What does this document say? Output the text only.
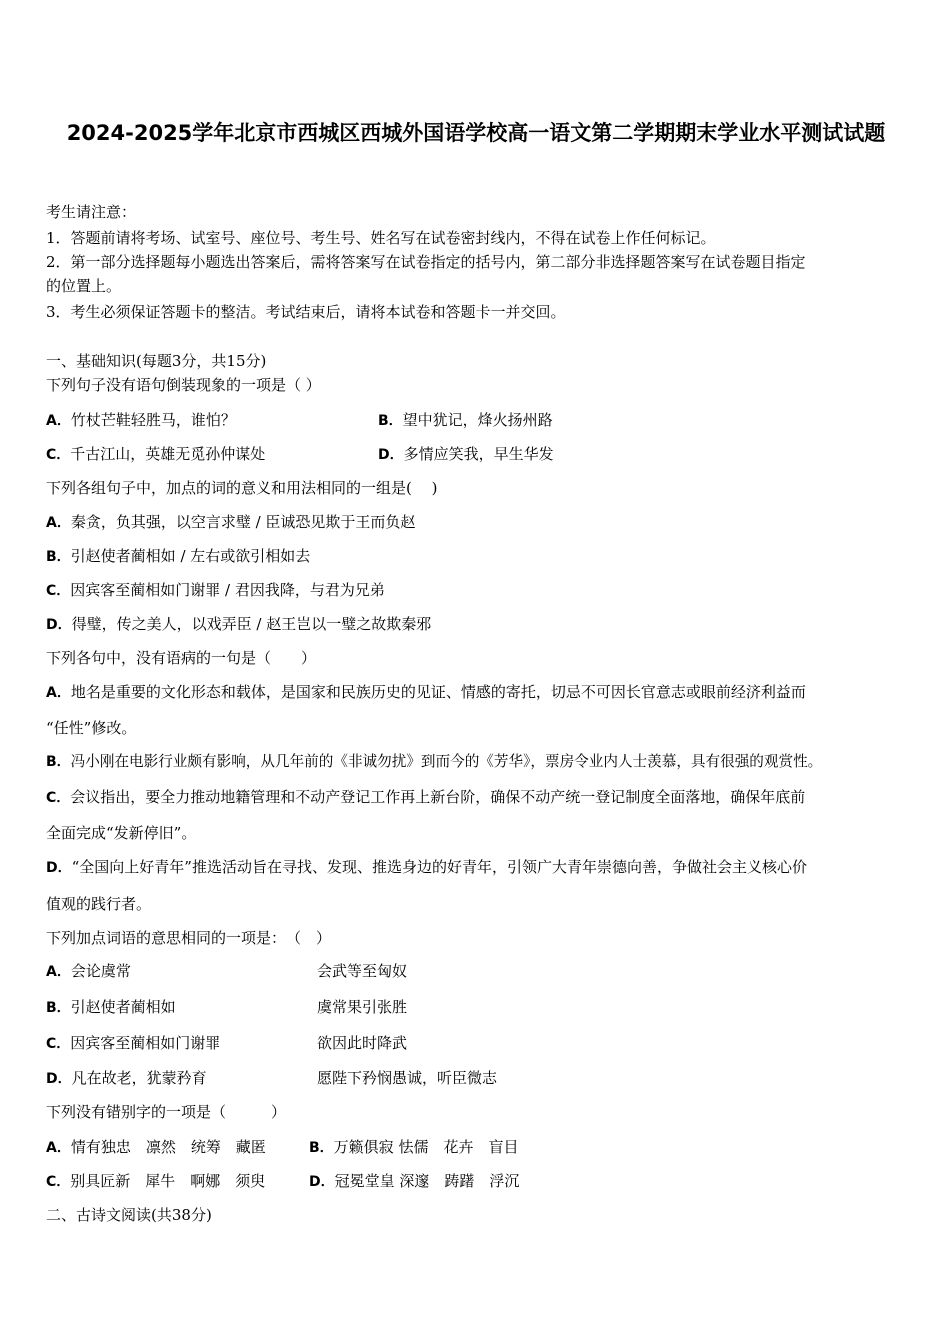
2024-2025学年北京市西城区西城外国语学校高一语文第二学期期末学业水平测试试题
考生请注意：
1．答题前请将考场、试室号、座位号、考生号、姓名写在试卷密封线内，不得在试卷上作任何标记。
2．第一部分选择题每小题选出答案后，需将答案写在试卷指定的括号内，第二部分非选择题答案写在试卷题目指定
的位置上。
3．考生必须保证答题卡的整洁。考试结束后，请将本试卷和答题卡一并交回。
一、基础知识(每题3分，共15分)
下列句子没有语句倒装现象的一项是（ ）
A．竹杖芒鞋轻胜马，谁怕？	B．望中犹记，烽火扬州路
C．千古江山，英雄无觅孙仲谋处	D．多情应笑我，早生华发
下列各组句子中，加点的词的意义和用法相同的一组是(　 )
A．秦贪，负其强，以空言求璧 / 臣诚恐见欺于王而负赵
B．引赵使者蔺相如 / 左右或欲引相如去
C．因宾客至蔺相如门谢罪 / 君因我降，与君为兄弟
D．得璧，传之美人，以戏弄臣 / 赵王岂以一璧之故欺秦邪
下列各句中，没有语病的一句是（　　）
A．地名是重要的文化形态和载体，是国家和民族历史的见证、情感的寄托，切忌不可因长官意志或眼前经济利益而
“任性”修改。
B．冯小刚在电影行业颇有影响，从几年前的《非诚勿扰》到而今的《芳华》，票房令业内人士羡慕，具有很强的观赏性。
C．会议指出，要全力推动地籍管理和不动产登记工作再上新台阶，确保不动产统一登记制度全面落地，确保年底前
全面完成“发新停旧”。
D．“全国向上好青年”推选活动旨在寻找、发现、推选身边的好青年，引领广大青年崇德向善，争做社会主义核心价
值观的践行者。
下列加点词语的意思相同的一项是：　（　）
A．会论虞常	会武等至匈奴
B．引赵使者蔺相如	虞常果引张胜
C．因宾客至蔺相如门谢罪	欲因此时降武
D．凡在故老，犹蒙矜育	愿陛下矜悯愚诚，听臣微志
下列没有错别字的一项是（　　　）
A．情有独忠　凛然　统筹　藏匿	B．万籁俱寂 怯儒　花卉　盲目
C．别具匠新　犀牛　啊娜　须臾	D．冠冕堂皇 深邃　踌躇　浮沉
二、古诗文阅读(共38分)
